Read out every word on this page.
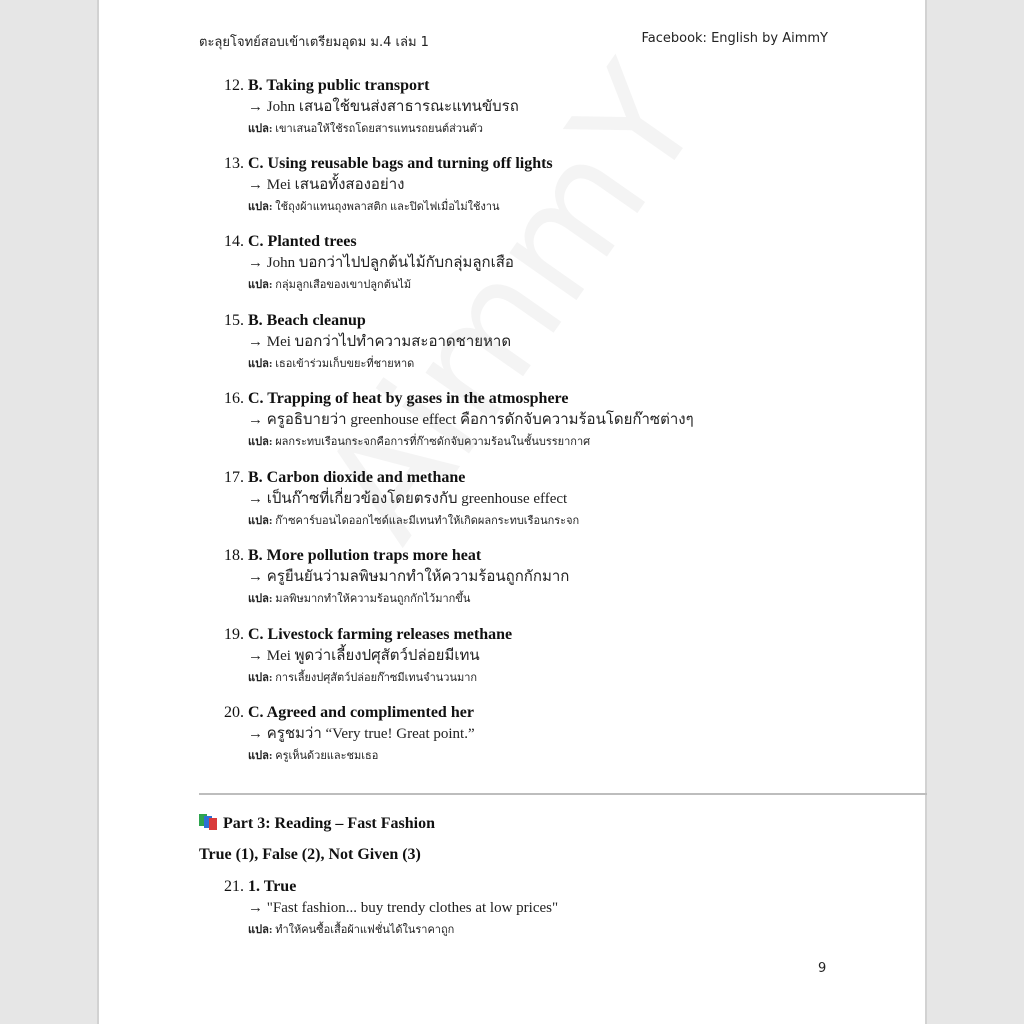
ตะลุยโจทย์สอบเข้าเตรียมอุดม ม.4 เล่ม 1	Facebook: English by AimmY
12. B. Taking public transport
→ John เสนอใช้ขนส่งสาธารณะแทนขับรถ
แปล: เขาเสนอให้ใช้รถโดยสารแทนรถยนต์ส่วนตัว
13. C. Using reusable bags and turning off lights
→ Mei เสนอทั้งสองอย่าง
แปล: ใช้ถุงผ้าแทนถุงพลาสติก และปิดไฟเมื่อไม่ใช้งาน
14. C. Planted trees
→ John บอกว่าไปปลูกต้นไม้กับกลุ่มลูกเสือ
แปล: กลุ่มลูกเสือของเขาปลูกต้นไม้
15. B. Beach cleanup
→ Mei บอกว่าไปทำความสะอาดชายหาด
แปล: เธอเข้าร่วมเก็บขยะที่ชายหาด
16. C. Trapping of heat by gases in the atmosphere
→ ครูอธิบายว่า greenhouse effect คือการดักจับความร้อนโดยก๊าซต่างๆ
แปล: ผลกระทบเรือนกระจกคือการที่ก๊าซดักจับความร้อนในชั้นบรรยากาศ
17. B. Carbon dioxide and methane
→ เป็นก๊าซที่เกี่ยวข้องโดยตรงกับ greenhouse effect
แปล: ก๊าซคาร์บอนไดออกไซด์และมีเทนทำให้เกิดผลกระทบเรือนกระจก
18. B. More pollution traps more heat
→ ครูยืนยันว่ามลพิษมากทำให้ความร้อนถูกกักมาก
แปล: มลพิษมากทำให้ความร้อนถูกกักไว้มากขึ้น
19. C. Livestock farming releases methane
→ Mei พูดว่าเลี้ยงปศุสัตว์ปล่อยมีเทน
แปล: การเลี้ยงปศุสัตว์ปล่อยก๊าซมีเทนจำนวนมาก
20. C. Agreed and complimented her
→ ครูชมว่า “Very true! Great point.”
แปล: ครูเห็นด้วยและชมเธอ
Part 3: Reading – Fast Fashion
True (1), False (2), Not Given (3)
21. 1. True
→ "Fast fashion... buy trendy clothes at low prices"
แปล: ทำให้คนซื้อเสื้อผ้าแฟชั่นได้ในราคาถูก
9
